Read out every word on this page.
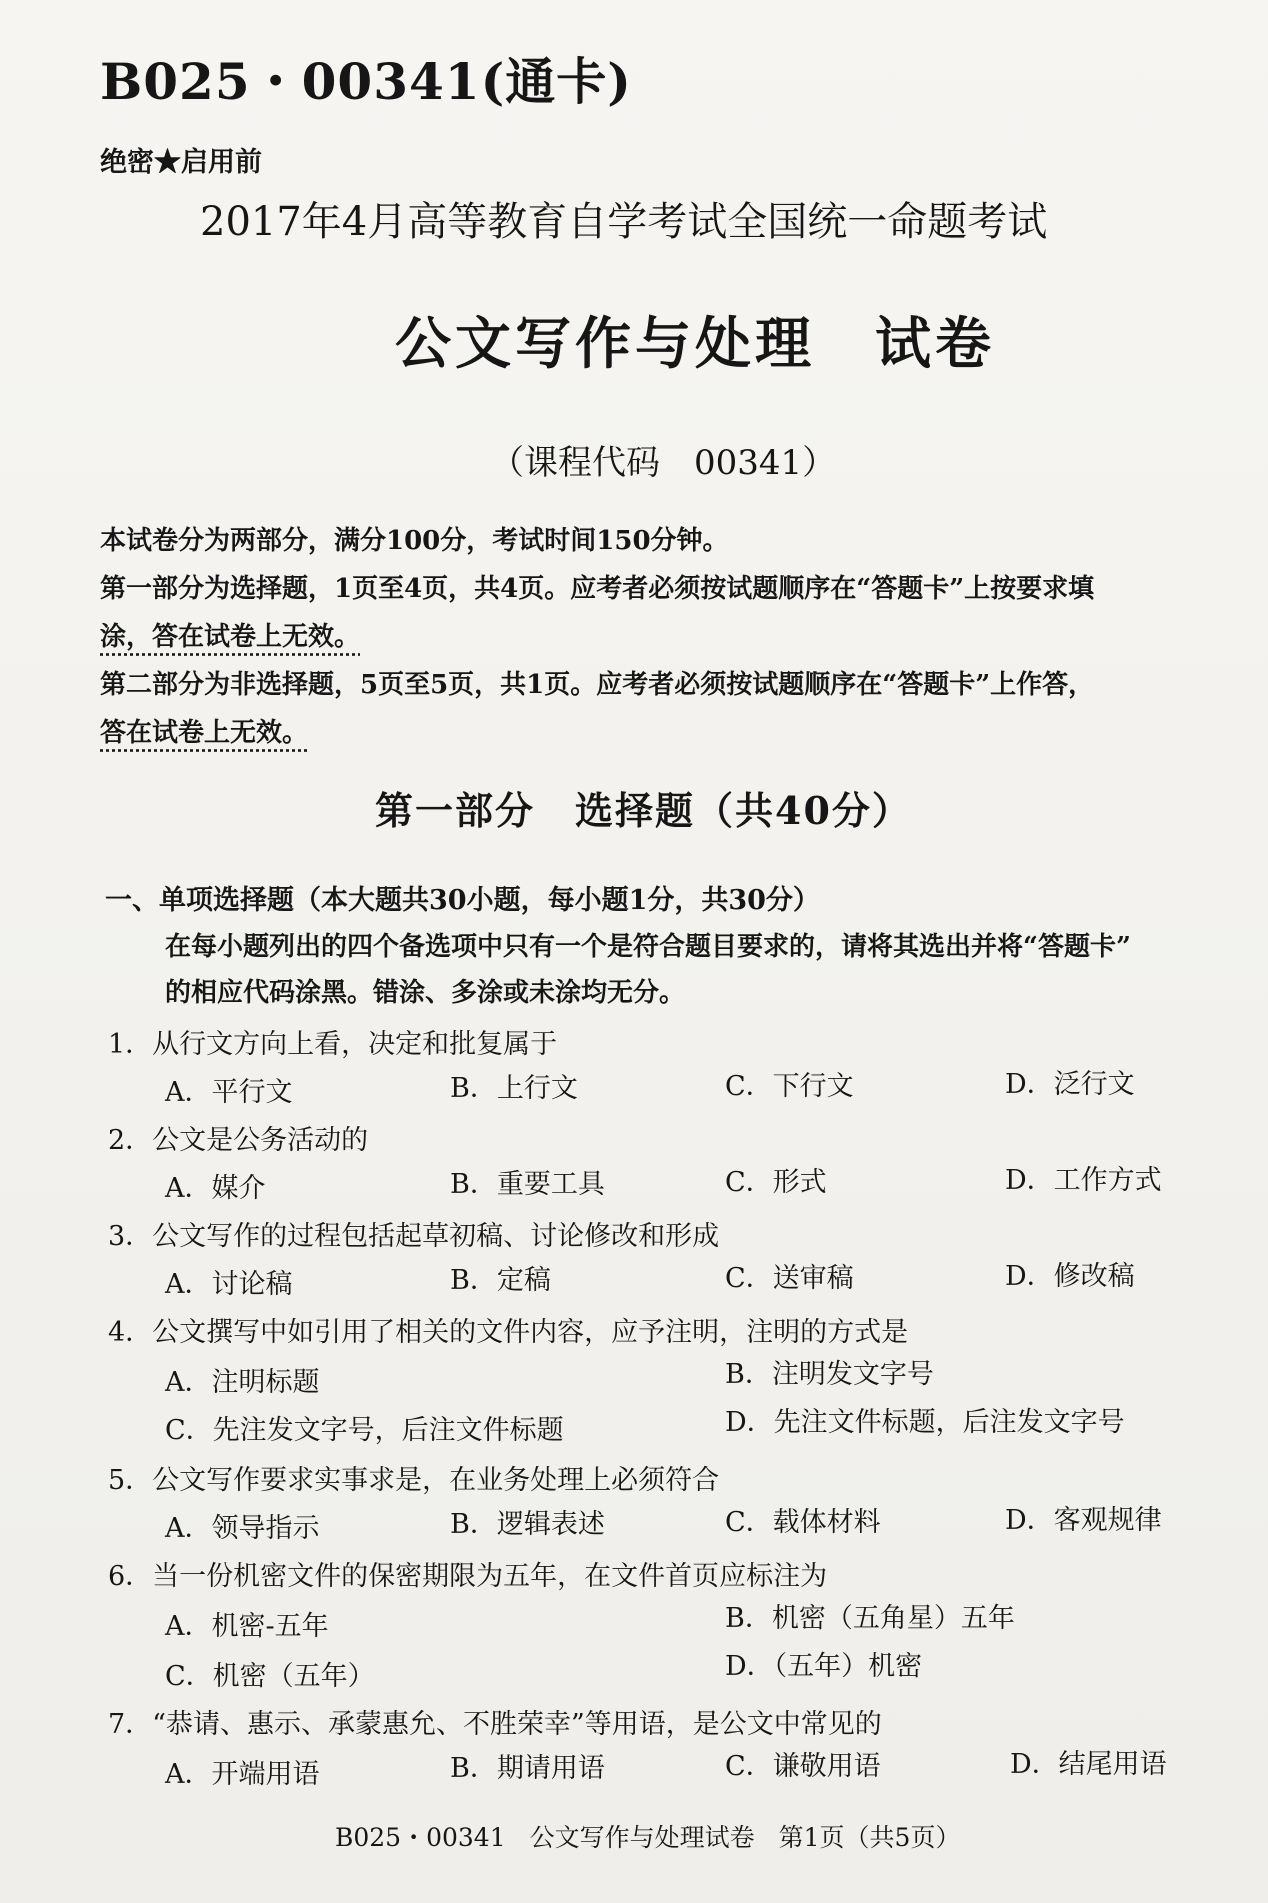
B025・00341(通卡)
绝密★启用前
2017年4月高等教育自学考试全国统一命题考试
公文写作与处理　试卷
（课程代码　00341）
本试卷分为两部分，满分100分，考试时间150分钟。
第一部分为选择题，1页至4页，共4页。应考者必须按试题顺序在“答题卡”上按要求填
涂，答在试卷上无效。
第二部分为非选择题，5页至5页，共1页。应考者必须按试题顺序在“答题卡”上作答，
答在试卷上无效。
第一部分　选择题（共40分）
一、单项选择题（本大题共30小题，每小题1分，共30分）
在每小题列出的四个备选项中只有一个是符合题目要求的，请将其选出并将“答题卡”
的相应代码涂黑。错涂、多涂或未涂均无分。
1．从行文方向上看，决定和批复属于
A．平行文	B．上行文	C．下行文	D．泛行文
2．公文是公务活动的
A．媒介	B．重要工具	C．形式	D．工作方式
3．公文写作的过程包括起草初稿、讨论修改和形成
A．讨论稿	B．定稿	C．送审稿	D．修改稿
4．公文撰写中如引用了相关的文件内容，应予注明，注明的方式是
A．注明标题	B．注明发文字号
C．先注发文字号，后注文件标题	D．先注文件标题，后注发文字号
5．公文写作要求实事求是，在业务处理上必须符合
A．领导指示	B．逻辑表述	C．载体材料	D．客观规律
6．当一份机密文件的保密期限为五年，在文件首页应标注为
A．机密-五年	B．机密（五角星）五年
C．机密（五年）	D．（五年）机密
7．“恭请、惠示、承蒙惠允、不胜荣幸”等用语，是公文中常见的
A．开端用语	B．期请用语	C．谦敬用语	D．结尾用语
B025・00341 公文写作与处理试卷 第1页（共5页）
